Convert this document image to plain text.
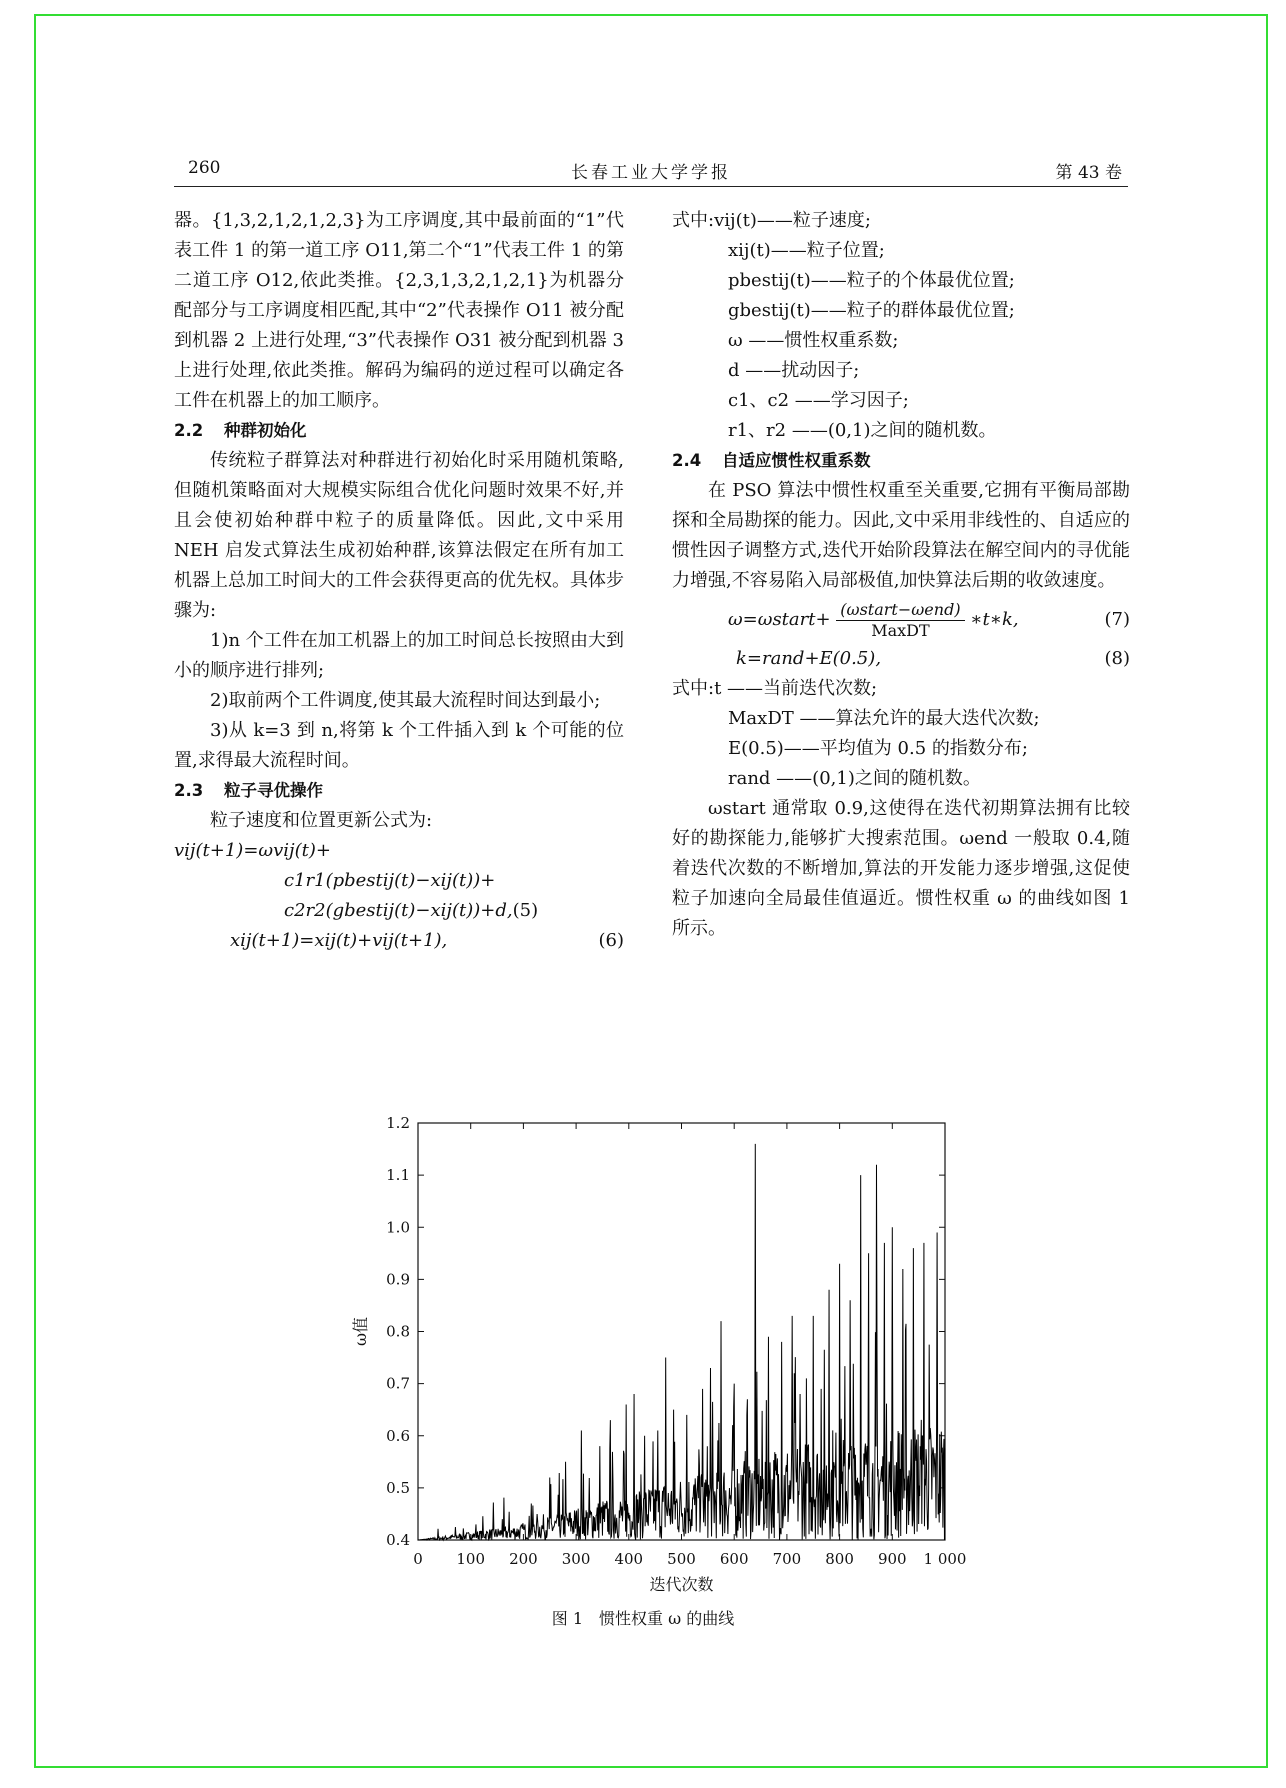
260	长春工业大学学报	第 43 卷

器。{1,3,2,1,2,1,2,3}为工序调度,其中最前面的“1”代表工件 1 的第一道工序 O11,第二个“1”代表工件 1 的第二道工序 O12,依此类推。{2,3,1,3,2,1,2,1}为机器分配部分与工序调度相匹配,其中“2”代表操作 O11 被分配到机器 2 上进行处理,“3”代表操作 O31 被分配到机器 3 上进行处理,依此类推。解码为编码的逆过程可以确定各工件在机器上的加工顺序。

2.2 种群初始化

传统粒子群算法对种群进行初始化时采用随机策略,但随机策略面对大规模实际组合优化问题时效果不好,并且会使初始种群中粒子的质量降低。因此,文中采用 NEH 启发式算法生成初始种群,该算法假定在所有加工机器上总加工时间大的工件会获得更高的优先权。具体步骤为:

1)n 个工件在加工机器上的加工时间总长按照由大到小的顺序进行排列;

2)取前两个工件调度,使其最大流程时间达到最小;

3)从 k=3 到 n,将第 k 个工件插入到 k 个可能的位置,求得最大流程时间。

2.3 粒子寻优操作

粒子速度和位置更新公式为:

vij(t+1)=ωvij(t)+

c1r1(pbestij(t)−xij(t))+

c2r2(gbestij(t)−xij(t))+d,(5)

xij(t+1)=xij(t)+vij(t+1),	(6)

式中:vij(t)——粒子速度;
xij(t)——粒子位置;
pbestij(t)——粒子的个体最优位置;
gbestij(t)——粒子的群体最优位置;
ω ——惯性权重系数;
d ——扰动因子;
c1、c2 ——学习因子;
r1、r2 ——(0,1)之间的随机数。

2.4 自适应惯性权重系数

在 PSO 算法中惯性权重至关重要,它拥有平衡局部勘探和全局勘探的能力。因此,文中采用非线性的、自适应的惯性因子调整方式,迭代开始阶段算法在解空间内的寻优能力增强,不容易陷入局部极值,加快算法后期的收敛速度。

ω=ωstart+ $\frac{\text{(ωstart−ωend)}}{\text{MaxDT}}$ ∗t∗k,	(7)

k=rand+E(0.5),	(8)

式中:t ——当前迭代次数;
MaxDT ——算法允许的最大迭代次数;
E(0.5)——平均值为 0.5 的指数分布;
rand ——(0,1)之间的随机数。

ωstart 通常取 0.9,这使得在迭代初期算法拥有比较好的勘探能力,能够扩大搜索范围。ωend 一般取 0.4,随着迭代次数的不断增加,算法的开发能力逐步增强,这促使粒子加速向全局最佳值逼近。惯性权重 ω 的曲线如图 1 所示。

0 100 200 300 400 500 600 700 800 900 1 000
0.4
0.5
0.6
0.7
0.8
0.9
1.0
1.1
1.2
迭代次数
ω值
图 1　惯性权重 ω 的曲线
